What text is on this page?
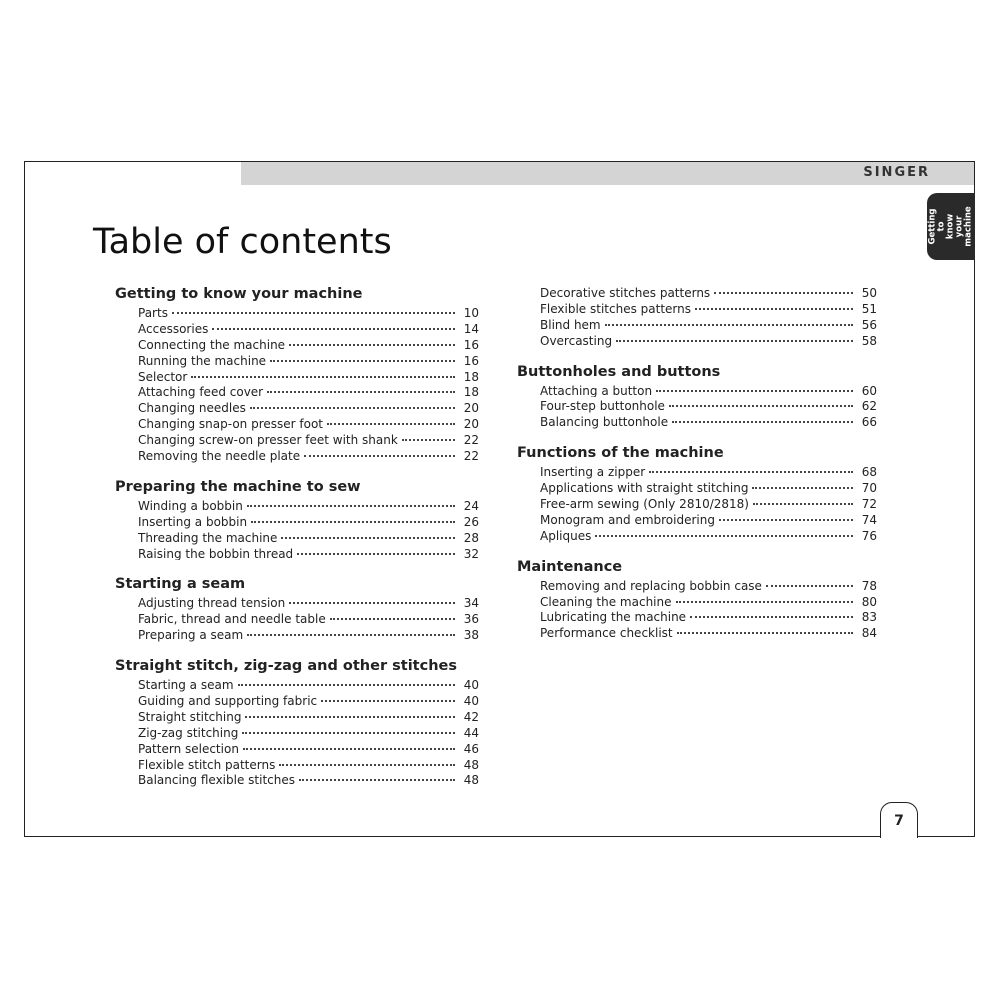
SINGER
Getting to
know your
machine
Table of contents
Getting to know your machine
Parts	10
Accessories	14
Connecting the machine	16
Running the machine	16
Selector	18
Attaching feed cover	18
Changing needles	20
Changing snap-on presser foot	20
Changing screw-on presser feet with shank	22
Removing the needle plate	22
Preparing the machine to sew
Winding a bobbin	24
Inserting a bobbin	26
Threading the machine	28
Raising the bobbin thread	32
Starting a seam
Adjusting thread tension	34
Fabric, thread and needle table	36
Preparing a seam	38
Straight stitch, zig-zag and other stitches
Starting a seam	40
Guiding and supporting fabric	40
Straight stitching	42
Zig-zag stitching	44
Pattern selection	46
Flexible stitch patterns	48
Balancing flexible stitches	48
Decorative stitches patterns	50
Flexible stitches patterns	51
Blind hem	56
Overcasting	58
Buttonholes and buttons
Attaching a button	60
Four-step buttonhole	62
Balancing buttonhole	66
Functions of the machine
Inserting a zipper	68
Applications with straight stitching	70
Free-arm sewing (Only 2810/2818)	72
Monogram and embroidering	74
Apliques	76
Maintenance
Removing and replacing bobbin case	78
Cleaning the machine	80
Lubricating the machine	83
Performance checklist	84
7
